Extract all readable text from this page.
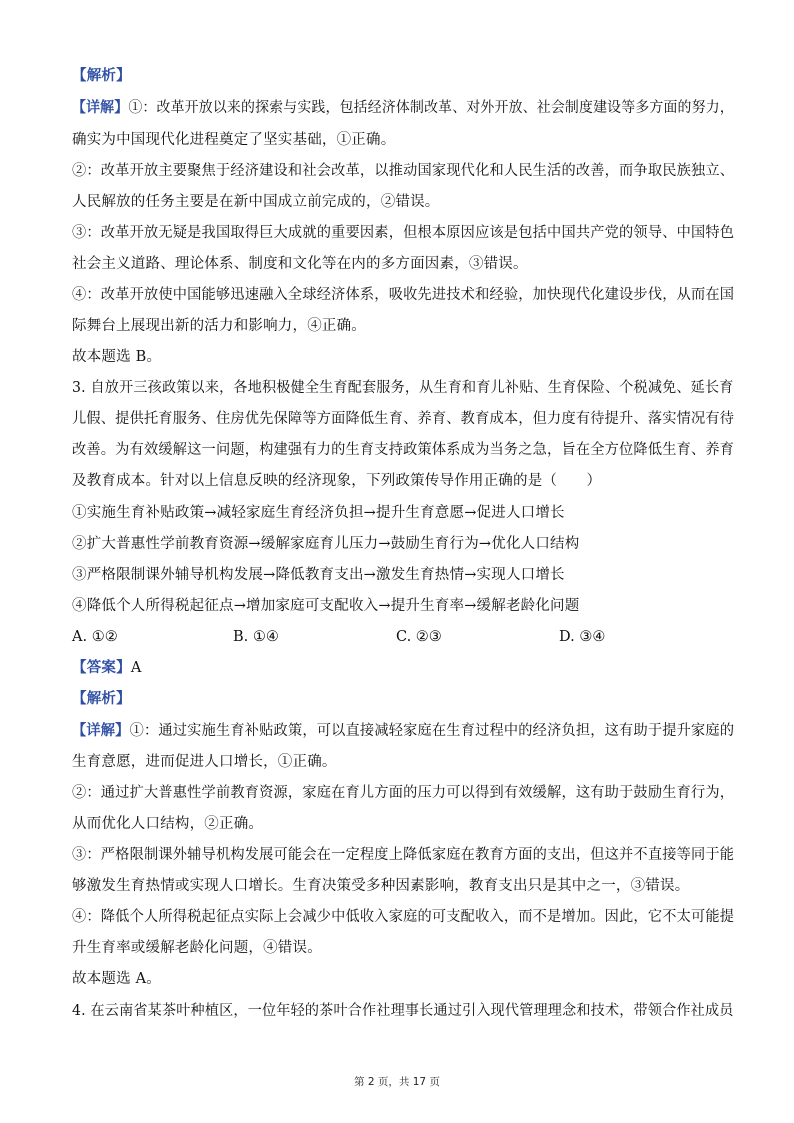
【解析】
【详解】①：改革开放以来的探索与实践，包括经济体制改革、对外开放、社会制度建设等多方面的努力，
确实为中国现代化进程奠定了坚实基础，①正确。
②：改革开放主要聚焦于经济建设和社会改革，以推动国家现代化和人民生活的改善，而争取民族独立、
人民解放的任务主要是在新中国成立前完成的，②错误。
③：改革开放无疑是我国取得巨大成就的重要因素，但根本原因应该是包括中国共产党的领导、中国特色
社会主义道路、理论体系、制度和文化等在内的多方面因素，③错误。
④：改革开放使中国能够迅速融入全球经济体系，吸收先进技术和经验，加快现代化建设步伐，从而在国
际舞台上展现出新的活力和影响力，④正确。
故本题选 B。
3. 自放开三孩政策以来，各地积极健全生育配套服务，从生育和育儿补贴、生育保险、个税减免、延长育
儿假、提供托育服务、住房优先保障等方面降低生育、养育、教育成本，但力度有待提升、落实情况有待
改善。为有效缓解这一问题，构建强有力的生育支持政策体系成为当务之急，旨在全方位降低生育、养育
及教育成本。针对以上信息反映的经济现象，下列政策传导作用正确的是（　　）
①实施生育补贴政策→减轻家庭生育经济负担→提升生育意愿→促进人口增长
②扩大普惠性学前教育资源→缓解家庭育儿压力→鼓励生育行为→优化人口结构
③严格限制课外辅导机构发展→降低教育支出→激发生育热情→实现人口增长
④降低个人所得税起征点→增加家庭可支配收入→提升生育率→缓解老龄化问题
A. ①②	B. ①④	C. ②③	D. ③④
【答案】A
【解析】
【详解】①：通过实施生育补贴政策，可以直接减轻家庭在生育过程中的经济负担，这有助于提升家庭的
生育意愿，进而促进人口增长，①正确。
②：通过扩大普惠性学前教育资源，家庭在育儿方面的压力可以得到有效缓解，这有助于鼓励生育行为，
从而优化人口结构，②正确。
③：严格限制课外辅导机构发展可能会在一定程度上降低家庭在教育方面的支出，但这并不直接等同于能
够激发生育热情或实现人口增长。生育决策受多种因素影响，教育支出只是其中之一，③错误。
④：降低个人所得税起征点实际上会减少中低收入家庭的可支配收入，而不是增加。因此，它不太可能提
升生育率或缓解老龄化问题，④错误。
故本题选 A。
4. 在云南省某茶叶种植区，一位年轻的茶叶合作社理事长通过引入现代管理理念和技术，带领合作社成员
第 2 页，共 17 页
